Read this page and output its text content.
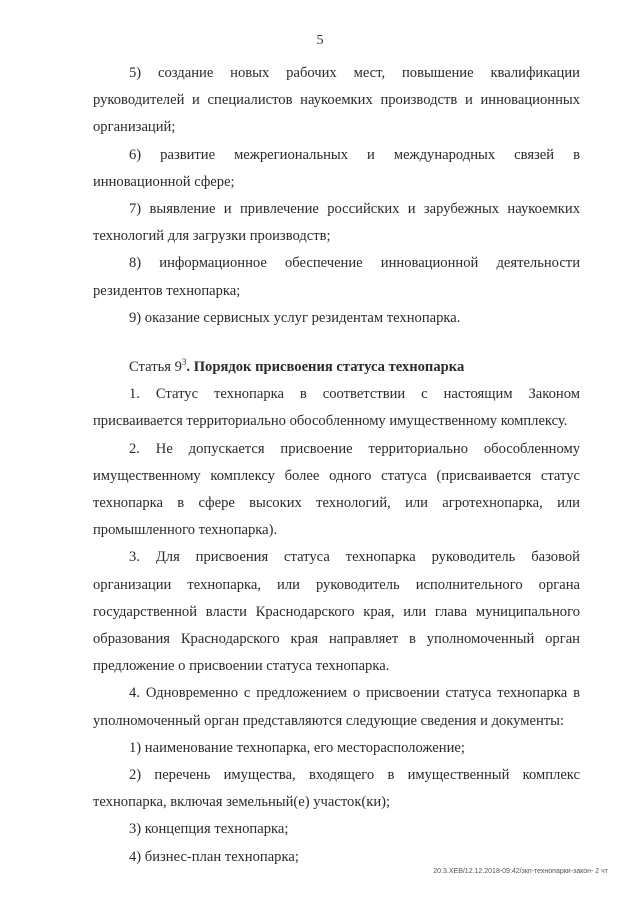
5

5) создание новых рабочих мест, повышение квалификации руководителей и специалистов наукоемких производств и инновационных организаций;

6) развитие межрегиональных и международных связей в инновационной сфере;

7) выявление и привлечение российских и зарубежных наукоемких технологий для загрузки производств;

8) информационное обеспечение инновационной деятельности резидентов технопарка;

9) оказание сервисных услуг резидентам технопарка.

Статья $9^3$. Порядок присвоения статуса технопарка

1. Статус технопарка в соответствии с настоящим Законом присваивается территориально обособленному имущественному комплексу.

2. Не допускается присвоение территориально обособленному имущественному комплексу более одного статуса (присваивается статус технопарка в сфере высоких технологий, или агротехнопарка, или промышленного технопарка).

3. Для присвоения статуса технопарка руководитель базовой организации технопарка, или руководитель исполнительного органа государственной власти Краснодарского края, или глава муниципального образования Краснодарского края направляет в уполномоченный орган предложение о присвоении статуса технопарка.

4. Одновременно с предложением о присвоении статуса технопарка в уполномоченный орган представляются следующие сведения и документы:

1) наименование технопарка, его месторасположение;

2) перечень имущества, входящего в имущественный комплекс технопарка, включая земельный(е) участок(ки);

3) концепция технопарка;

4) бизнес-план технопарка;

20.3.XEB/12.12.2018-09:42/зкп-технопарки-закон- 2 чт
